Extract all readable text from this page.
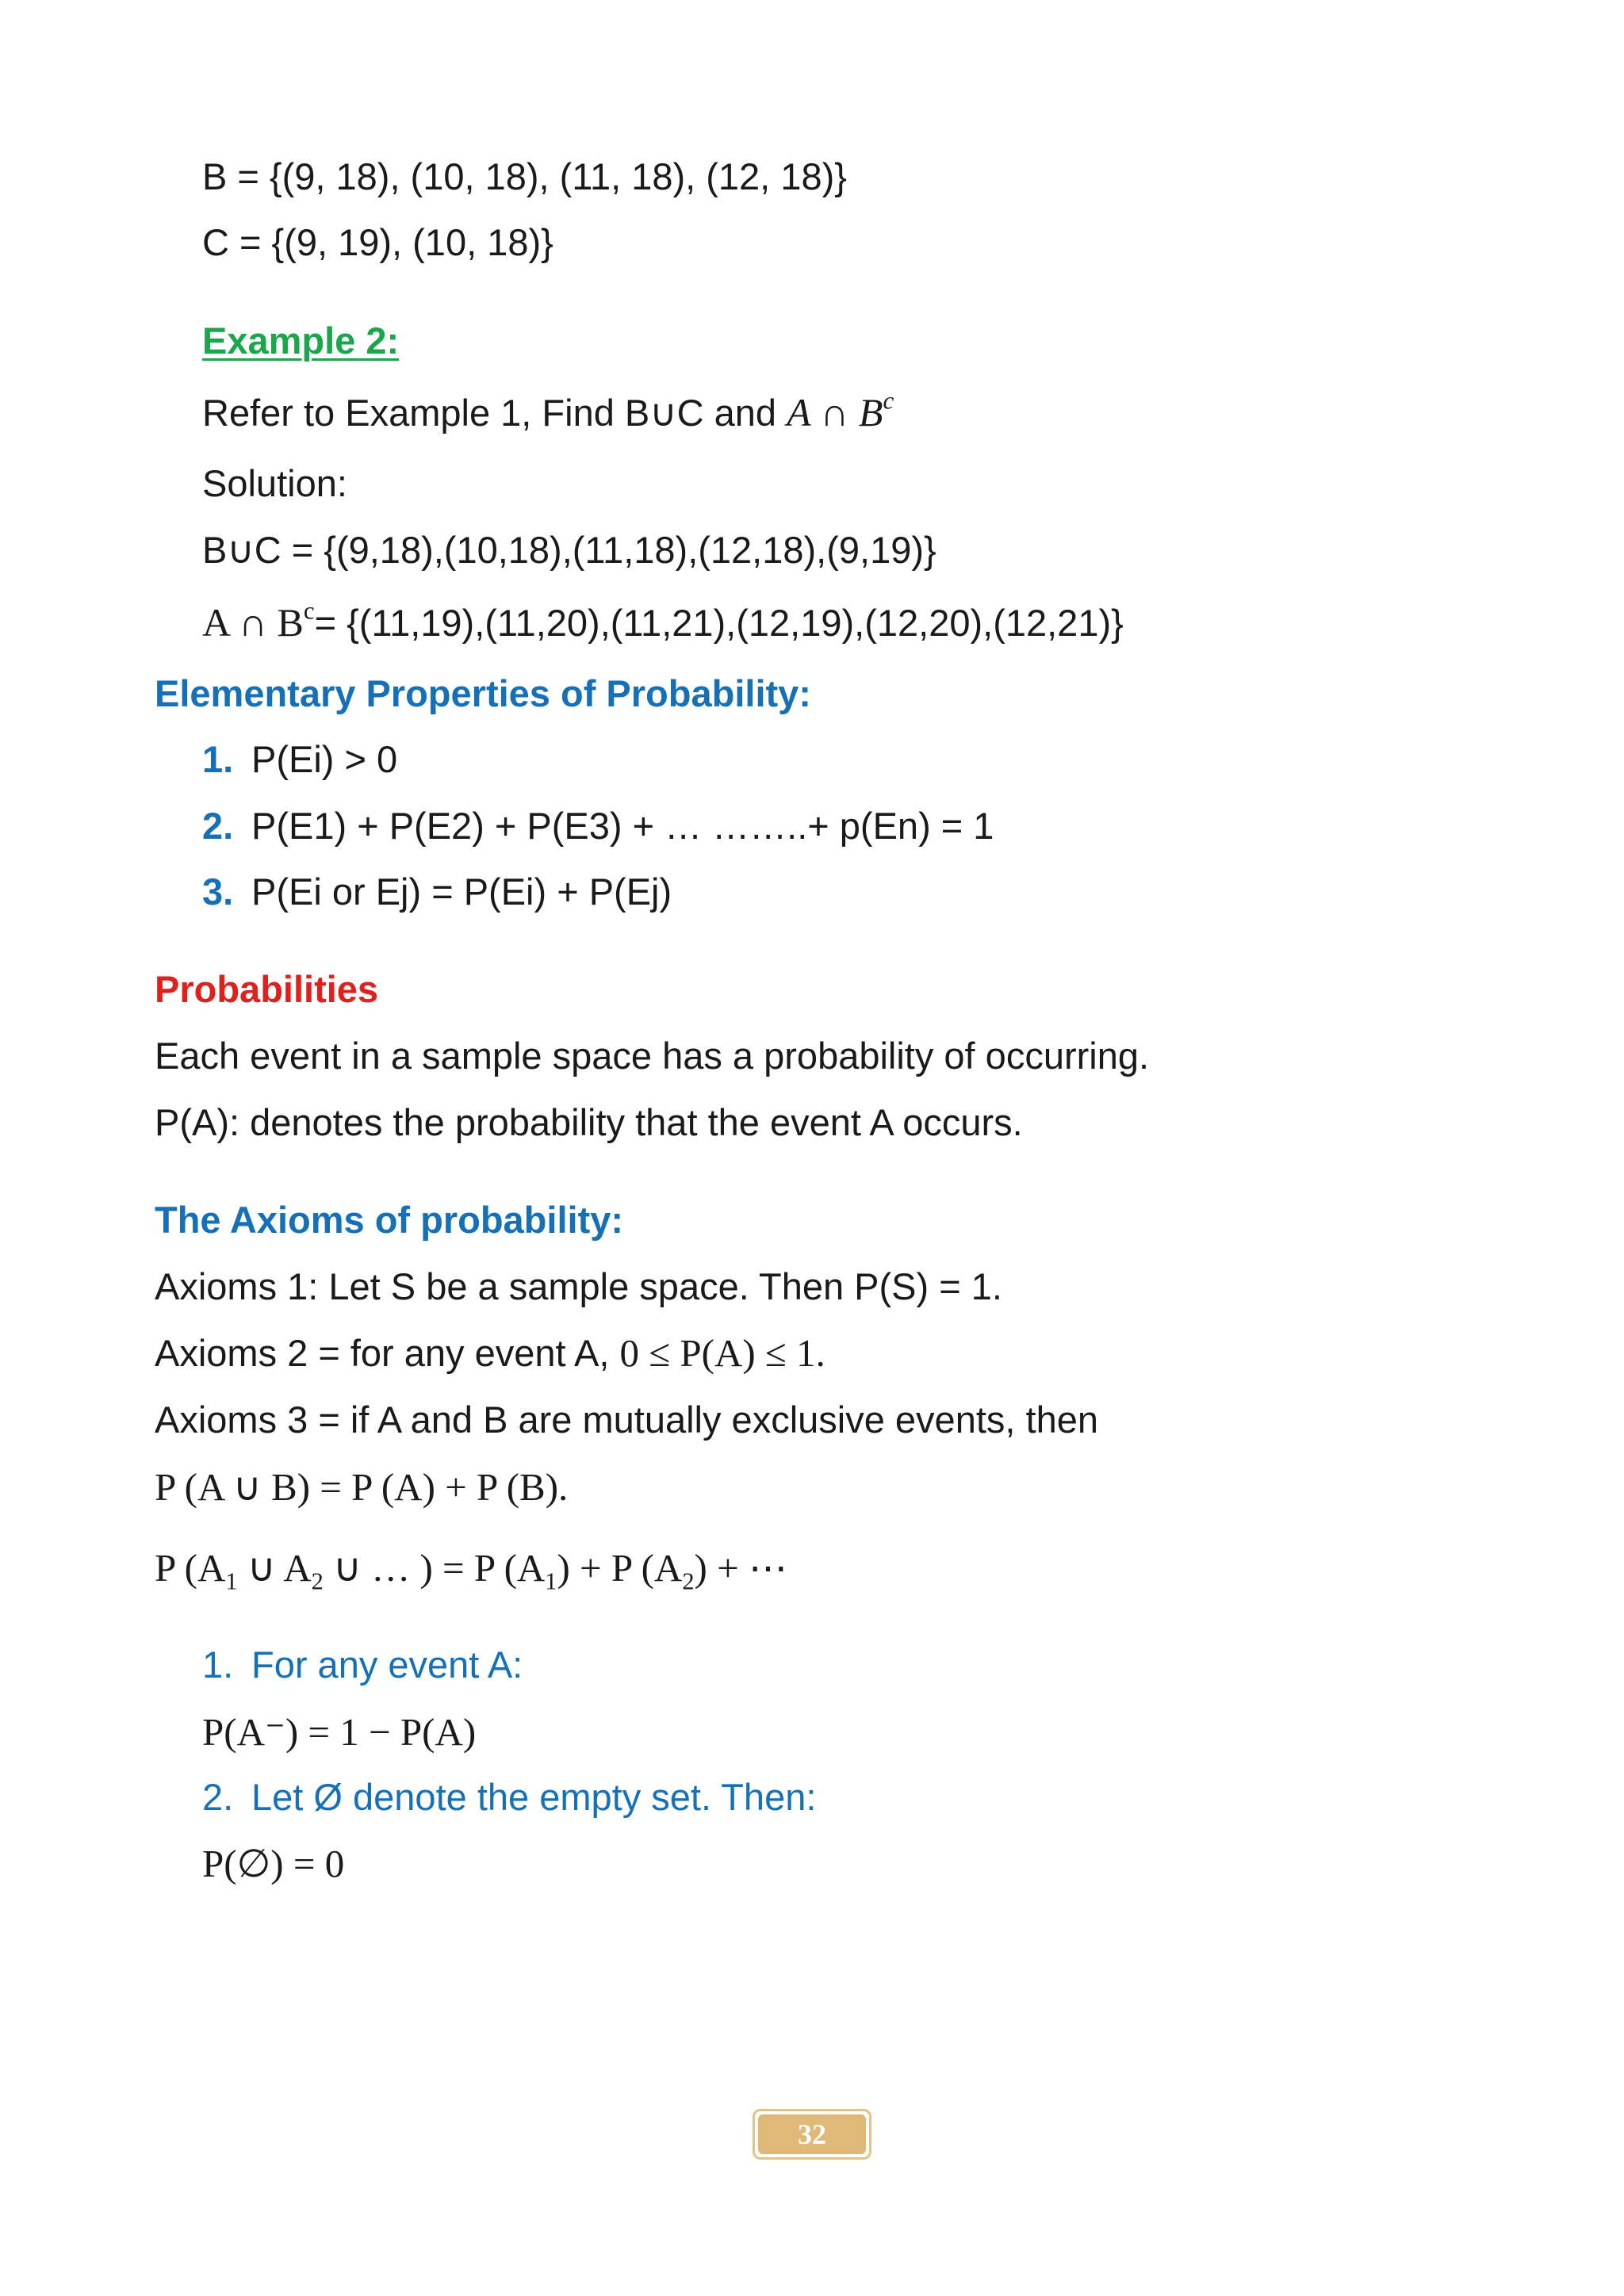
B = {(9, 18), (10, 18), (11, 18), (12, 18)}
C = {(9, 19), (10, 18)}
Example 2:
Refer to Example 1, Find B∪C and A ∩ $B^c$
Solution:
B∪C = {(9,18),(10,18),(11,18),(12,18),(9,19)}
A ∩ $B^c= \{(11,19),(11,20),(11,21),(12,19),(12,20),(12,21)\}$
Elementary Properties of Probability:
1. P(Ei) > 0
2. P(E1) + P(E2) + P(E3) + … ……..+ p(En) = 1
3. P(Ei or Ej) = P(Ei) + P(Ej)
Probabilities
Each event in a sample space has a probability of occurring.
P(A): denotes the probability that the event A occurs.
The Axioms of probability:
Axioms 1: Let S be a sample space. Then P(S) = 1.
Axioms 2 = for any event A, 0 ≤ P(A) ≤ 1.
Axioms 3 = if A and B are mutually exclusive events, then
P (A ∪ B) = P (A) + P (B).
P ($A_1$ ∪ $A_2$ ∪ … ) = P $(A_1) + P$ $(A_2)$ + ⋯
1. For any event A:
P(A⁻) = 1 − P(A)
2. Let Ø denote the empty set. Then:
P(∅) = 0
32
